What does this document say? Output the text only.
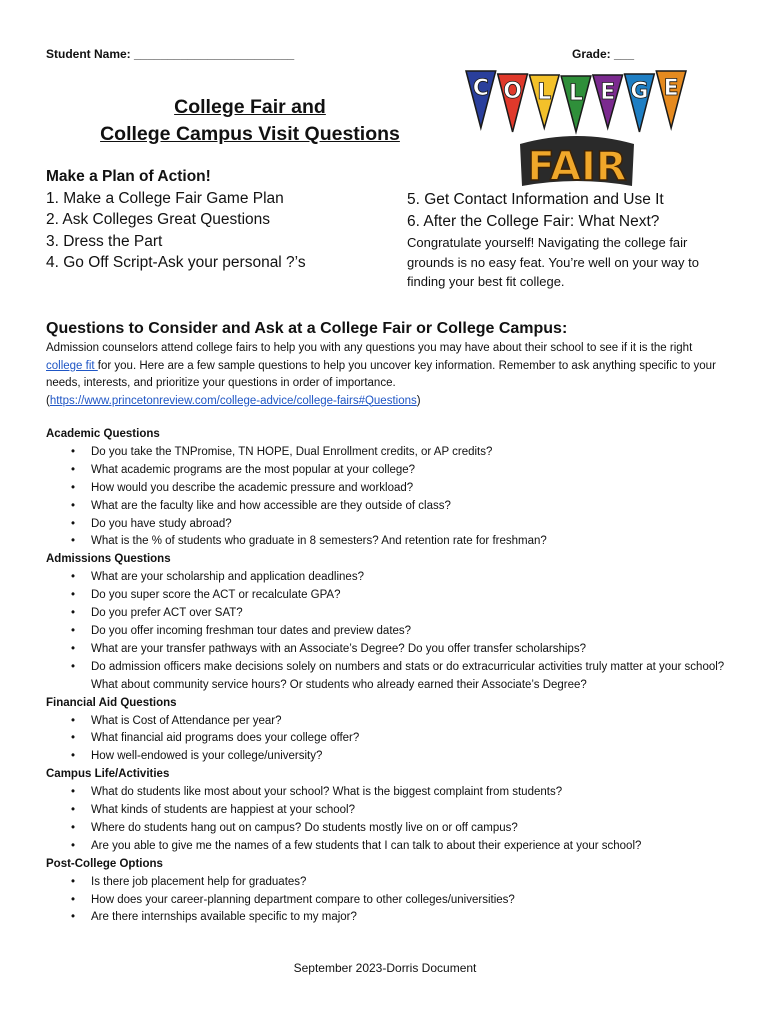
Student Name: ________________________	Grade: ___
C O L L E G E
FAIR
College Fair and
College Campus Visit Questions
Make a Plan of Action!
1. Make a College Fair Game Plan
2. Ask Colleges Great Questions
3. Dress the Part
4. Go Off Script-Ask your personal ?’s
5. Get Contact Information and Use It
6. After the College Fair: What Next?
Congratulate yourself! Navigating the college fair grounds is no easy feat. You’re well on your way to finding your best fit college.
Questions to Consider and Ask at a College Fair or College Campus:
Admission counselors attend college fairs to help you with any questions you may have about their school to see if it is the right college fit for you. Here are a few sample questions to help you uncover key information. Remember to ask anything specific to your needs, interests, and prioritize your questions in order of importance.
(https://www.princetonreview.com/college-advice/college-fairs#Questions)
Academic Questions
• Do you take the TNPromise, TN HOPE, Dual Enrollment credits, or AP credits?
• What academic programs are the most popular at your college?
• How would you describe the academic pressure and workload?
• What are the faculty like and how accessible are they outside of class?
• Do you have study abroad?
• What is the % of students who graduate in 8 semesters? And retention rate for freshman?
Admissions Questions
• What are your scholarship and application deadlines?
• Do you super score the ACT or recalculate GPA?
• Do you prefer ACT over SAT?
• Do you offer incoming freshman tour dates and preview dates?
• What are your transfer pathways with an Associate’s Degree? Do you offer transfer scholarships?
• Do admission officers make decisions solely on numbers and stats or do extracurricular activities truly matter at your school? What about community service hours? Or students who already earned their Associate’s Degree?
Financial Aid Questions
• What is Cost of Attendance per year?
• What financial aid programs does your college offer?
• How well-endowed is your college/university?
Campus Life/Activities
• What do students like most about your school? What is the biggest complaint from students?
• What kinds of students are happiest at your school?
• Where do students hang out on campus? Do students mostly live on or off campus?
• Are you able to give me the names of a few students that I can talk to about their experience at your school?
Post-College Options
• Is there job placement help for graduates?
• How does your career-planning department compare to other colleges/universities?
• Are there internships available specific to my major?
September 2023-Dorris Document
